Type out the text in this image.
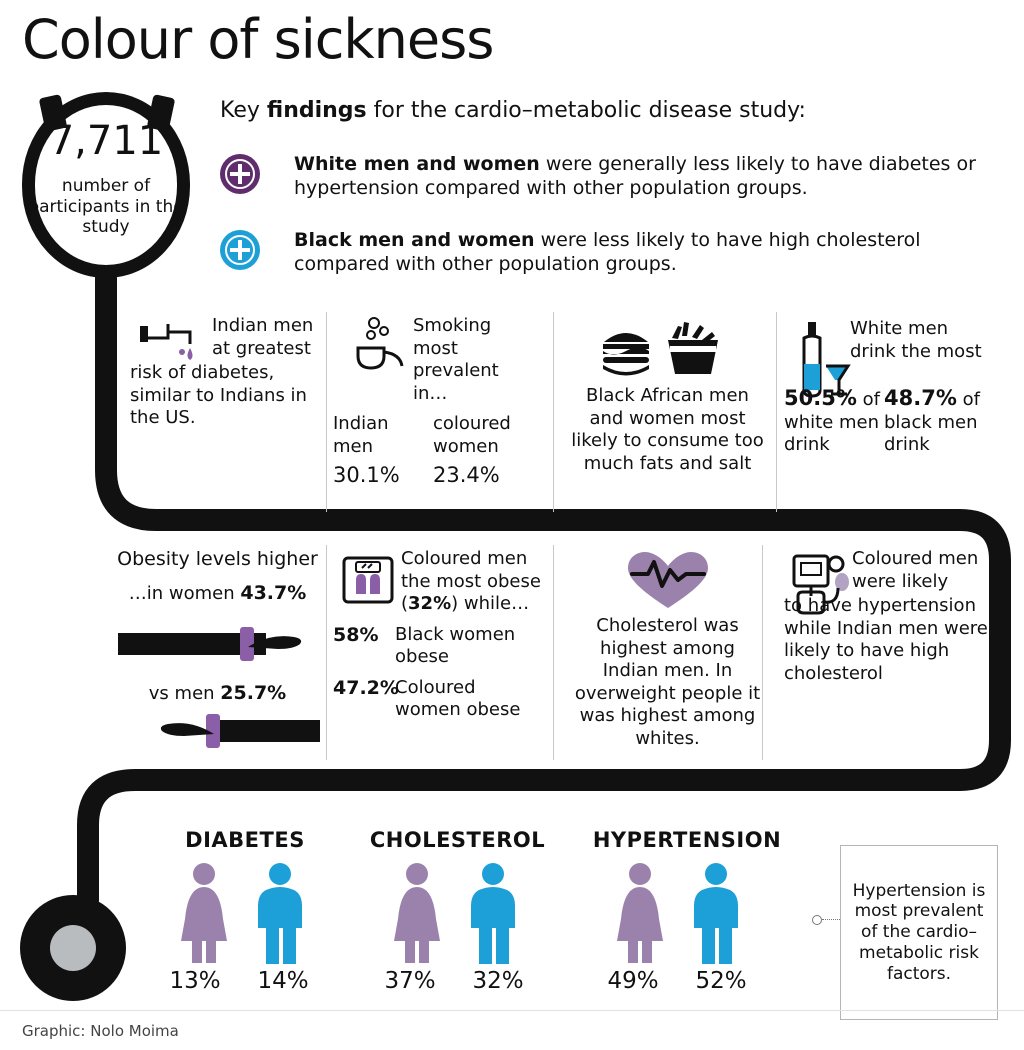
Colour of sickness
7,711
number of participants in the study
Key findings for the cardio–metabolic disease study:
White men and women were generally less likely to have diabetes or hypertension compared with other population groups.
Black men and women were less likely to have high cholesterol compared with other population groups.
Indian men at greatest
risk of diabetes, similar to Indians in the US.
Smoking most prevalent in…
Indian men
30.1%
coloured women
23.4%
Black African men and women most likely to consume too much fats and salt
White men drink the most
50.5% of
white men drink
48.7% of
black men drink
Obesity levels higher
…in women 43.7%
vs men 25.7%
Coloured men the most obese (32%) while…
58% Black women obese
47.2%
Coloured women obese
Cholesterol was highest among Indian men. In overweight people it was highest among whites.
Coloured men were likely
to have hypertension while Indian men were likely to have high cholesterol
DIABETES	CHOLESTEROL HYPERTENSION
13%	14%	37%	32%	49%	52%
Hypertension is most prevalent of the cardio–metabolic risk factors.
Graphic: Nolo Moima
